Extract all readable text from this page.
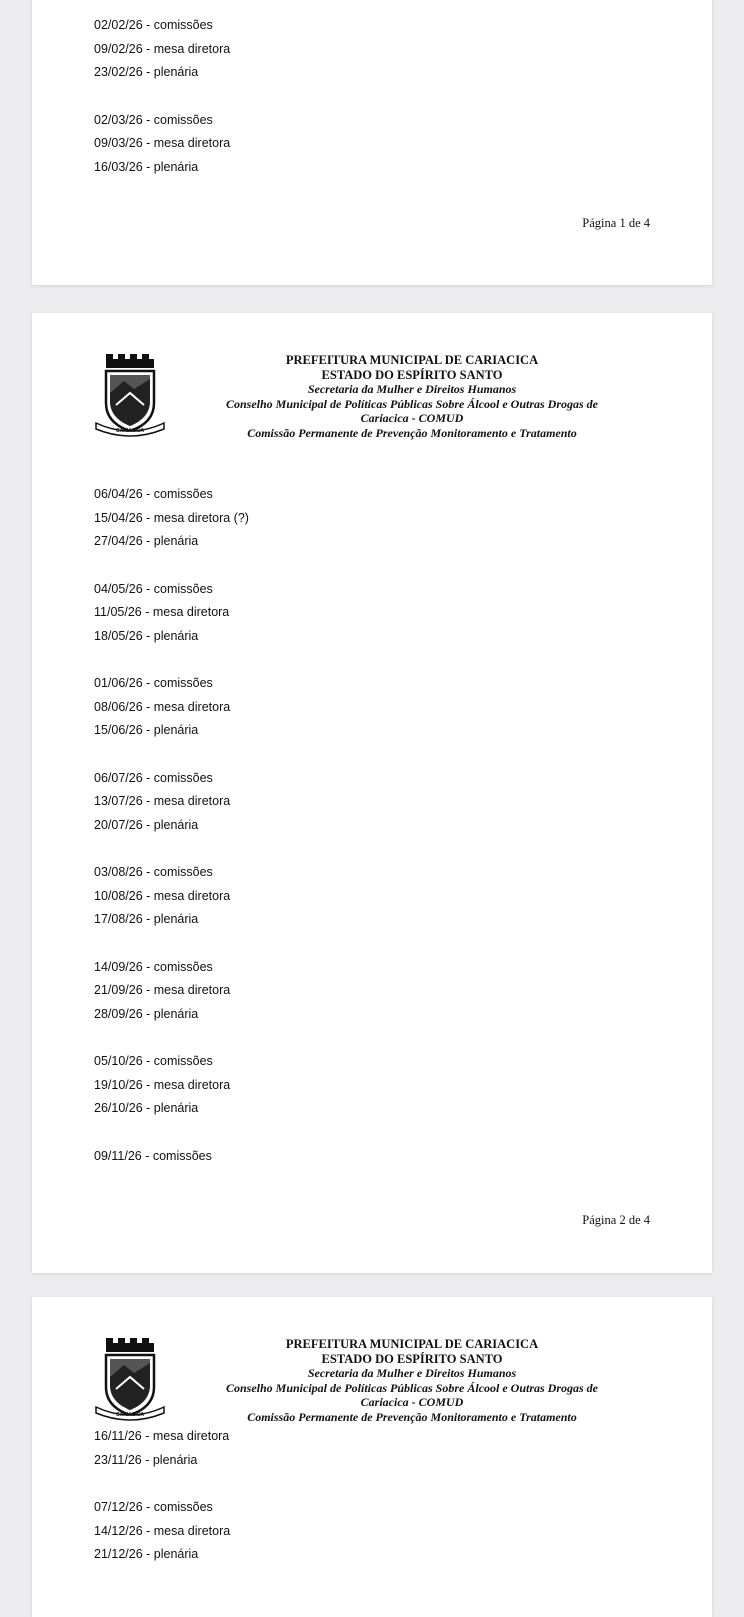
02/02/26 - comissões
09/02/26 - mesa diretora
23/02/26 - plenária
02/03/26 - comissões
09/03/26 - mesa diretora
16/03/26 - plenária
Página 1 de 4
CARIACICA
PREFEITURA MUNICIPAL DE CARIACICA
ESTADO DO ESPÍRITO SANTO
Secretaria da Mulher e Direitos Humanos
Conselho Municipal de Políticas Públicas Sobre Álcool e Outras Drogas de
Cariacica - COMUD
Comissão Permanente de Prevenção Monitoramento e Tratamento
06/04/26 - comissões
15/04/26 - mesa diretora (?)
27/04/26 - plenária
04/05/26 - comissões
11/05/26 - mesa diretora
18/05/26 - plenária
01/06/26 - comissões
08/06/26 - mesa diretora
15/06/26 - plenária
06/07/26 - comissões
13/07/26 - mesa diretora
20/07/26 - plenária
03/08/26 - comissões
10/08/26 - mesa diretora
17/08/26 - plenária
14/09/26 - comissões
21/09/26 - mesa diretora
28/09/26 - plenária
05/10/26 - comissões
19/10/26 - mesa diretora
26/10/26 - plenária
09/11/26 - comissões
Página 2 de 4
CARIACICA
PREFEITURA MUNICIPAL DE CARIACICA
ESTADO DO ESPÍRITO SANTO
Secretaria da Mulher e Direitos Humanos
Conselho Municipal de Políticas Públicas Sobre Álcool e Outras Drogas de
Cariacica - COMUD
Comissão Permanente de Prevenção Monitoramento e Tratamento
16/11/26 - mesa diretora
23/11/26 - plenária
07/12/26 - comissões
14/12/26 - mesa diretora
21/12/26 - plenária
